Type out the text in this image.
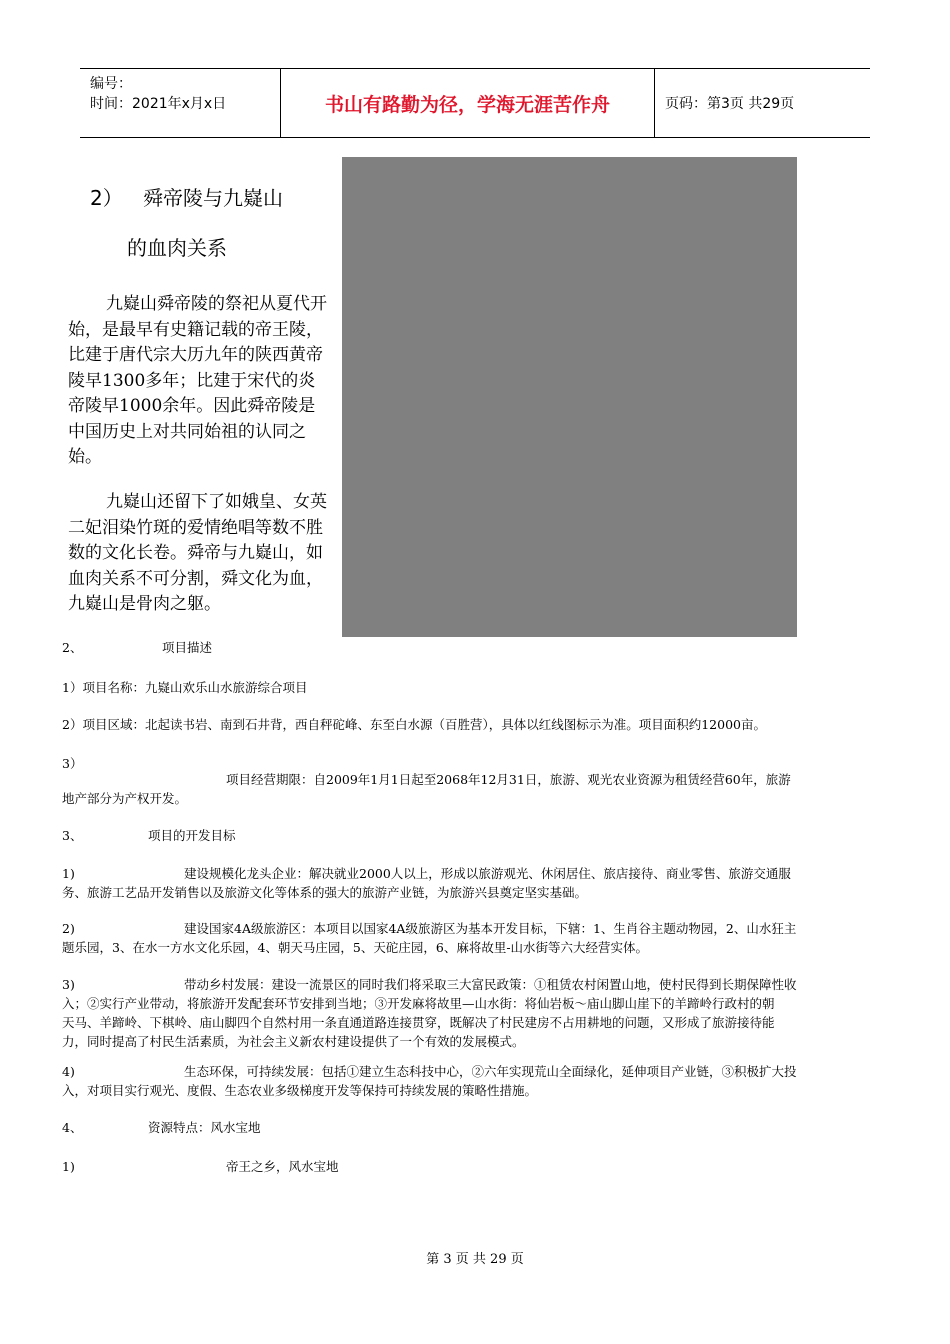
编号：
时间：2021年x月x日	书山有路勤为径，学海无涯苦作舟	页码：第3页 共29页
2） 舜帝陵与九嶷山
的血肉关系
九嶷山舜帝陵的祭祀从夏代开始，是最早有史籍记载的帝王陵，比建于唐代宗大历九年的陕西黄帝陵早1300多年；比建于宋代的炎帝陵早1000余年。因此舜帝陵是中国历史上对共同始祖的认同之始。
九嶷山还留下了如娥皇、女英二妃泪染竹斑的爱情绝唱等数不胜数的文化长卷。舜帝与九嶷山，如血肉关系不可分割，舜文化为血，九嶷山是骨肉之躯。
2、	项目描述
1）项目名称：九嶷山欢乐山水旅游综合项目
2）项目区域：北起读书岩、南到石井背，西自秤砣峰、东至白水源（百胜营），具体以红线图标示为准。项目面积约12000亩。
3）
项目经营期限：自2009年1月1日起至2068年12月31日，旅游、观光农业资源为租赁经营60年，旅游
地产部分为产权开发。
3、	项目的开发目标
1)	建设规模化龙头企业：解决就业2000人以上，形成以旅游观光、休闲居住、旅店接待、商业零售、旅游交通服
务、旅游工艺品开发销售以及旅游文化等体系的强大的旅游产业链，为旅游兴县奠定坚实基础。
2)	建设国家4A级旅游区：本项目以国家4A级旅游区为基本开发目标，下辖：1、生肖谷主题动物园，2、山水狂主
题乐园，3、在水一方水文化乐园，4、朝天马庄园，5、天砣庄园，6、麻将故里-山水街等六大经营实体。
3)	带动乡村发展：建设一流景区的同时我们将采取三大富民政策：①租赁农村闲置山地，使村民得到长期保障性收
入；②实行产业带动，将旅游开发配套环节安排到当地；③开发麻将故里—山水街：将仙岩板～庙山脚山崖下的羊蹄岭行政村的朝
天马、羊蹄岭、下棋岭、庙山脚四个自然村用一条直通道路连接贯穿，既解决了村民建房不占用耕地的问题，又形成了旅游接待能
力，同时提高了村民生活素质，为社会主义新农村建设提供了一个有效的发展模式。
4)	生态环保，可持续发展：包括①建立生态科技中心，②六年实现荒山全面绿化，延伸项目产业链，③积极扩大投
入，对项目实行观光、度假、生态农业多级梯度开发等保持可持续发展的策略性措施。
4、	资源特点：风水宝地
1)	帝王之乡，风水宝地
第 3 页 共 29 页
